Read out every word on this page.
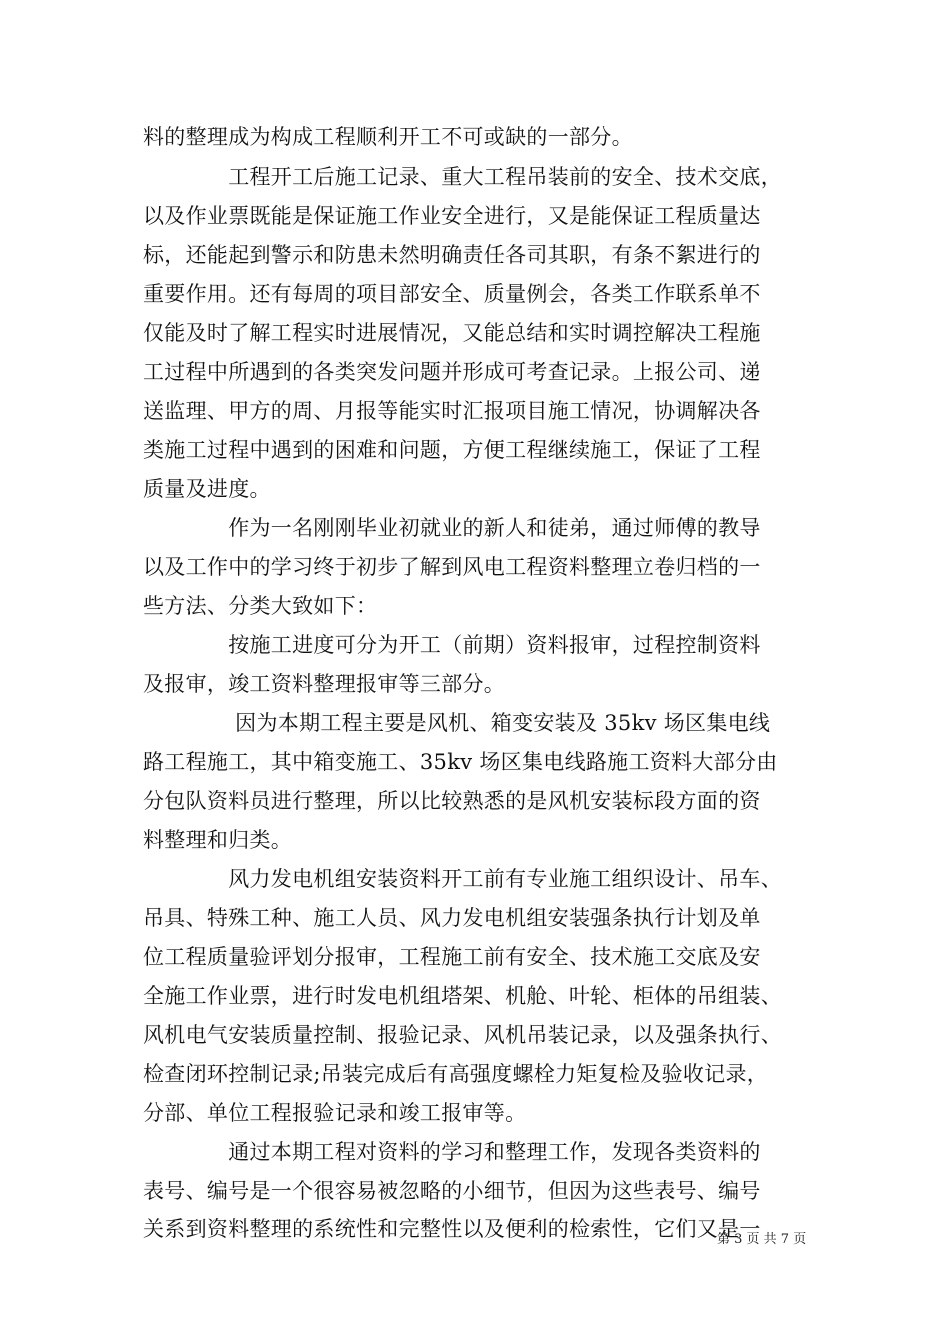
料的整理成为构成工程顺利开工不可或缺的一部分。
　　　　工程开工后施工记录、重大工程吊装前的安全、技术交底，
以及作业票既能是保证施工作业安全进行，又是能保证工程质量达
标，还能起到警示和防患未然明确责任各司其职，有条不絮进行的
重要作用。还有每周的项目部安全、质量例会，各类工作联系单不
仅能及时了解工程实时进展情况，又能总结和实时调控解决工程施
工过程中所遇到的各类突发问题并形成可考查记录。上报公司、递
送监理、甲方的周、月报等能实时汇报项目施工情况，协调解决各
类施工过程中遇到的困难和问题，方便工程继续施工，保证了工程
质量及进度。
　　　　作为一名刚刚毕业初就业的新人和徒弟，通过师傅的教导
以及工作中的学习终于初步了解到风电工程资料整理立卷归档的一
些方法、分类大致如下：
　　　　按施工进度可分为开工（前期）资料报审，过程控制资料
及报审，竣工资料整理报审等三部分。
　　　　 因为本期工程主要是风机、箱变安装及 35kv 场区集电线
路工程施工，其中箱变施工、35kv 场区集电线路施工资料大部分由
分包队资料员进行整理，所以比较熟悉的是风机安装标段方面的资
料整理和归类。
　　　　风力发电机组安装资料开工前有专业施工组织设计、吊车、
吊具、特殊工种、施工人员、风力发电机组安装强条执行计划及单
位工程质量验评划分报审，工程施工前有安全、技术施工交底及安
全施工作业票，进行时发电机组塔架、机舱、叶轮、柜体的吊组装、
风机电气安装质量控制、报验记录、风机吊装记录，以及强条执行、
检查闭环控制记录;吊装完成后有高强度螺栓力矩复检及验收记录，
分部、单位工程报验记录和竣工报审等。
　　　　通过本期工程对资料的学习和整理工作，发现各类资料的
表号、编号是一个很容易被忽略的小细节，但因为这些表号、编号
关系到资料整理的系统性和完整性以及便利的检索性，它们又是一
第 3 页 共 7 页
